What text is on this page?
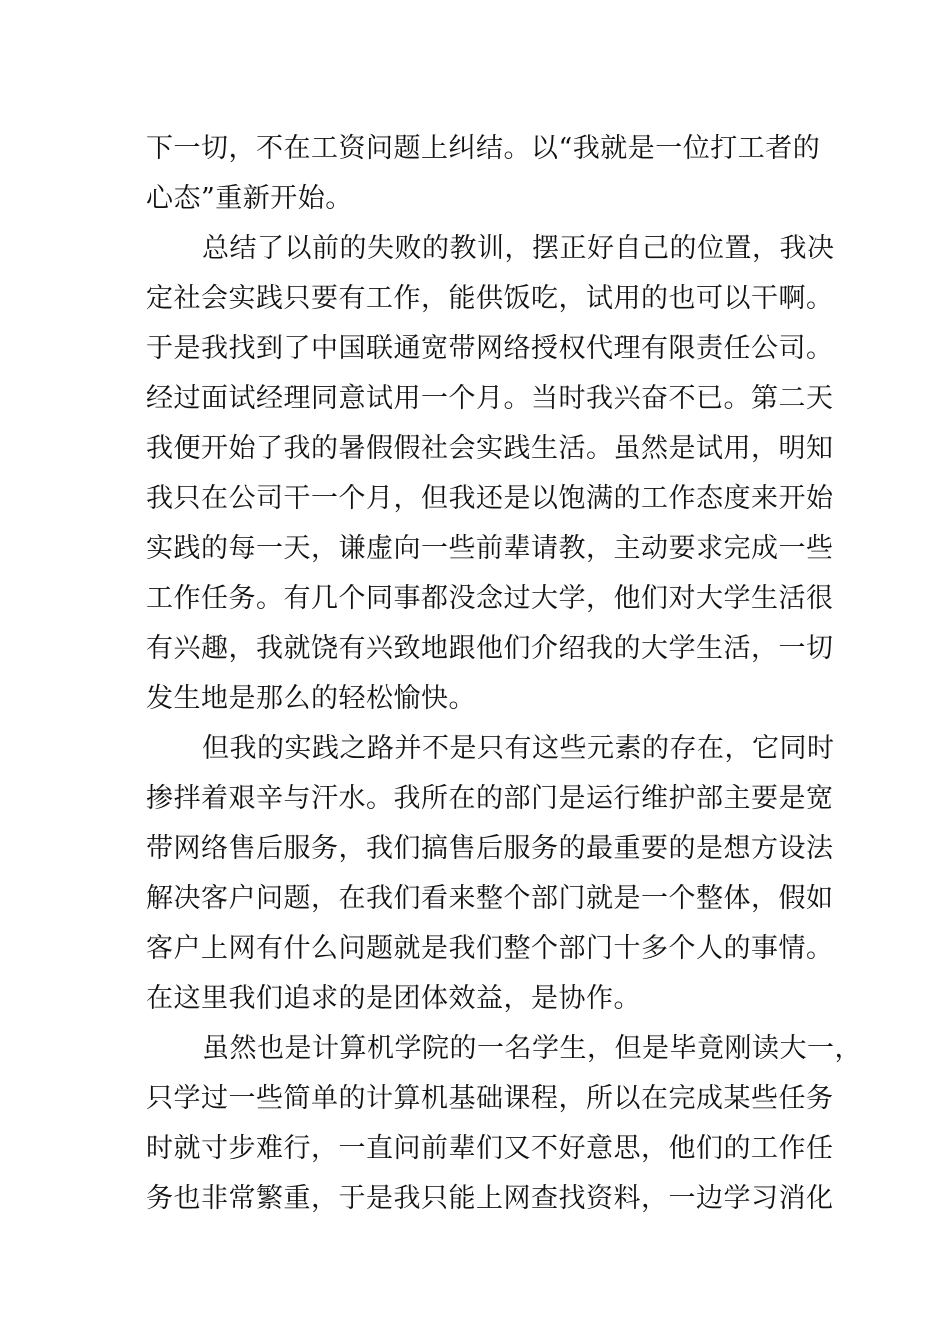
下一切，不在工资问题上纠结。以“我就是一位打工者的
心态”重新开始。
总结了以前的失败的教训，摆正好自己的位置，我决
定社会实践只要有工作，能供饭吃，试用的也可以干啊。
于是我找到了中国联通宽带网络授权代理有限责任公司。
经过面试经理同意试用一个月。当时我兴奋不已。第二天
我便开始了我的暑假假社会实践生活。虽然是试用，明知
我只在公司干一个月，但我还是以饱满的工作态度来开始
实践的每一天，谦虚向一些前辈请教，主动要求完成一些
工作任务。有几个同事都没念过大学，他们对大学生活很
有兴趣，我就饶有兴致地跟他们介绍我的大学生活，一切
发生地是那么的轻松愉快。
但我的实践之路并不是只有这些元素的存在，它同时
掺拌着艰辛与汗水。我所在的部门是运行维护部主要是宽
带网络售后服务，我们搞售后服务的最重要的是想方设法
解决客户问题，在我们看来整个部门就是一个整体，假如
客户上网有什么问题就是我们整个部门十多个人的事情。
在这里我们追求的是团体效益，是协作。
虽然也是计算机学院的一名学生，但是毕竟刚读大一，
只学过一些简单的计算机基础课程，所以在完成某些任务
时就寸步难行，一直问前辈们又不好意思，他们的工作任
务也非常繁重，于是我只能上网查找资料，一边学习消化
